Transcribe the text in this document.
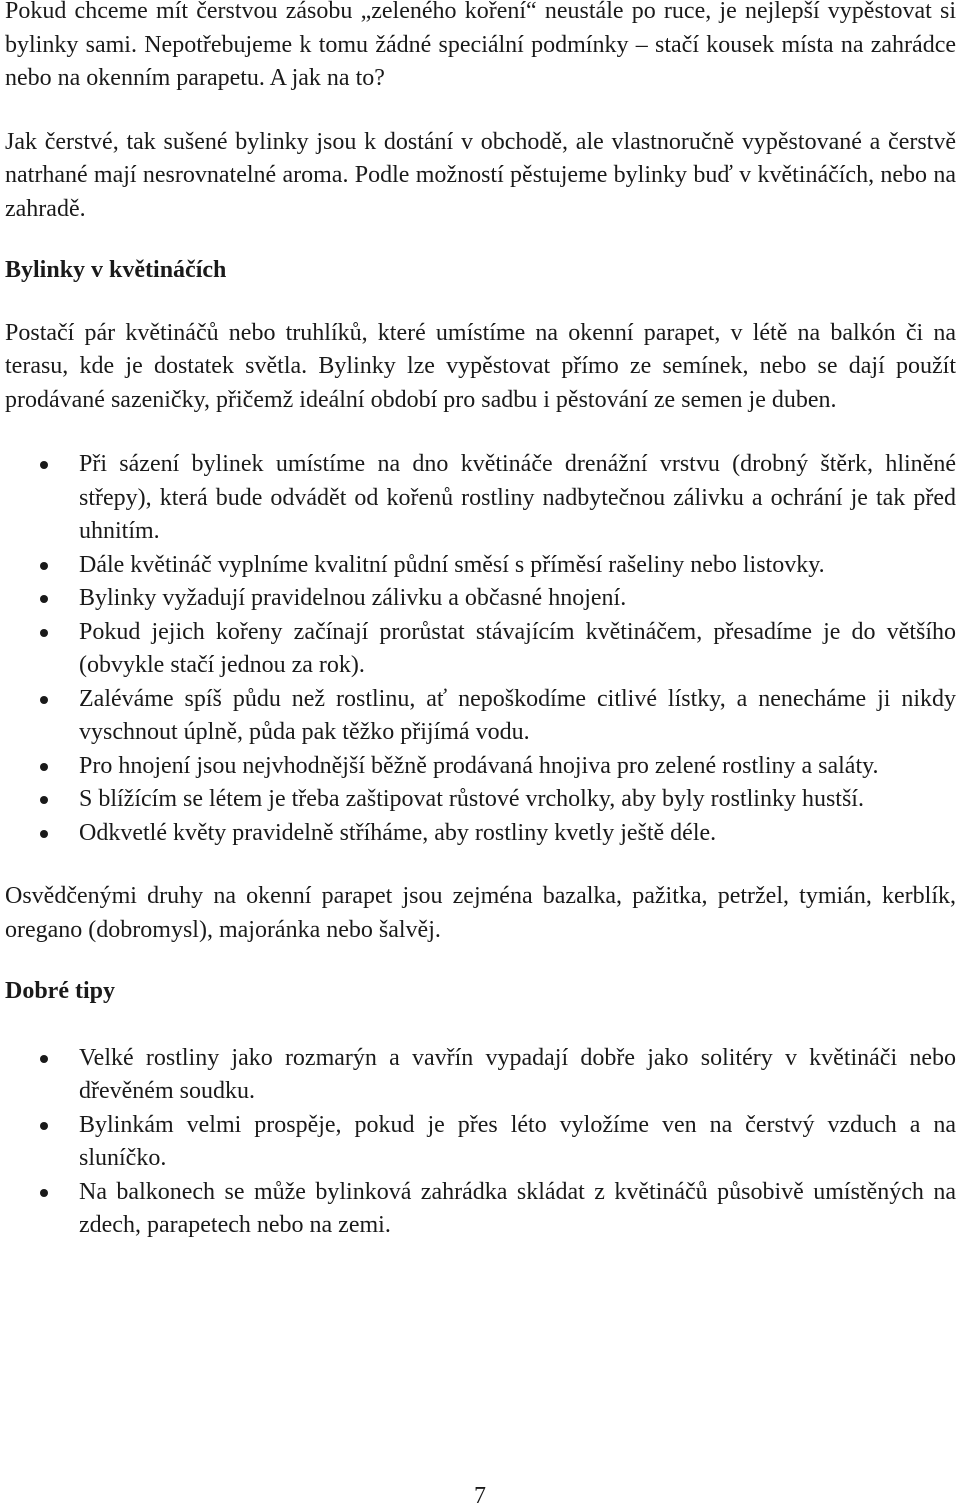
Pokud chceme mít čerstvou zásobu „zeleného koření“ neustále po ruce, je nejlepší vypěstovat si bylinky sami. Nepotřebujeme k tomu žádné speciální podmínky – stačí kousek místa na zahrádce nebo na okenním parapetu. A jak na to?

Jak čerstvé, tak sušené bylinky jsou k dostání v obchodě, ale vlastnoručně vypěstované a čerstvě natrhané mají nesrovnatelné aroma. Podle možností pěstujeme bylinky buď v květináčích, nebo na zahradě.

Bylinky v květináčích

Postačí pár květináčů nebo truhlíků, které umístíme na okenní parapet, v létě na balkón či na terasu, kde je dostatek světla. Bylinky lze vypěstovat přímo ze semínek, nebo se dají použít prodávané sazeničky, přičemž ideální období pro sadbu i pěstování ze semen je duben.

Při sázení bylinek umístíme na dno květináče drenážní vrstvu (drobný štěrk, hliněné střepy), která bude odvádět od kořenů rostliny nadbytečnou zálivku a ochrání je tak před uhnitím.
Dále květináč vyplníme kvalitní půdní směsí s příměsí rašeliny nebo listovky.
Bylinky vyžadují pravidelnou zálivku a občasné hnojení.
Pokud jejich kořeny začínají prorůstat stávajícím květináčem, přesadíme je do většího (obvykle stačí jednou za rok).
Zaléváme spíš půdu než rostlinu, ať nepoškodíme citlivé lístky, a nenecháme ji nikdy vyschnout úplně, půda pak těžko přijímá vodu.
Pro hnojení jsou nejvhodnější běžně prodávaná hnojiva pro zelené rostliny a saláty.
S blížícím se létem je třeba zaštipovat růstové vrcholky, aby byly rostlinky hustší.
Odkvetlé květy pravidelně stříháme, aby rostliny kvetly ještě déle.

Osvědčenými druhy na okenní parapet jsou zejména bazalka, pažitka, petržel, tymián, kerblík, oregano (dobromysl), majoránka nebo šalvěj.

Dobré tipy

Velké rostliny jako rozmarýn a vavřín vypadají dobře jako solitéry v květináči nebo dřevěném soudku.
Bylinkám velmi prospěje, pokud je přes léto vyložíme ven na čerstvý vzduch a na sluníčko.
Na balkonech se může bylinková zahrádka skládat z květináčů působivě umístěných na zdech, parapetech nebo na zemi.
7
